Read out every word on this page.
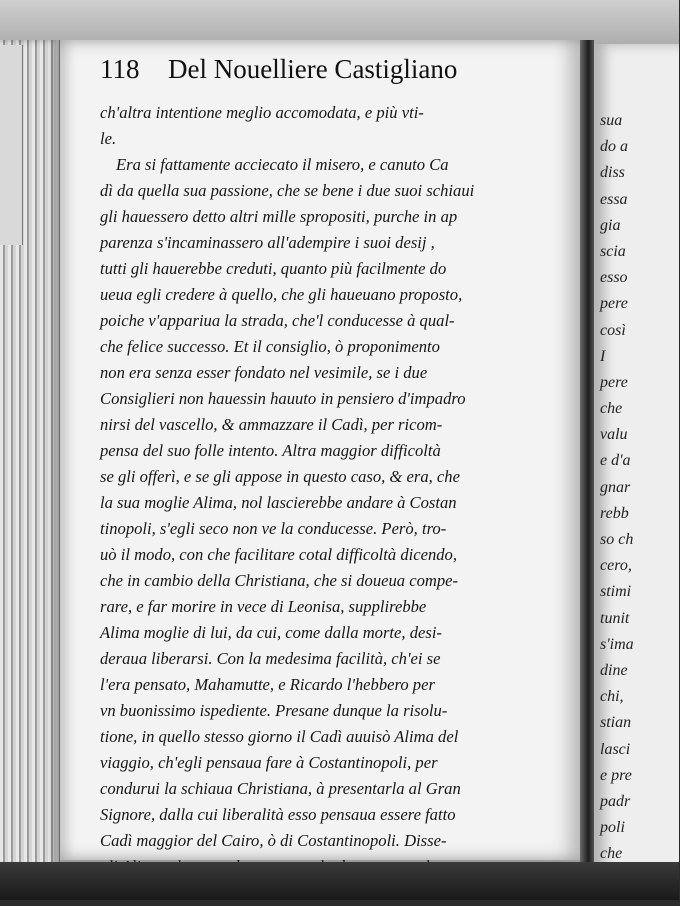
sua
do a
diss
essa
gia
scia
esso
pere
così
I
pere
che
valu
e d'a
gnar
rebb
so ch
cero,
stimi
tunit
s'ima
dine
chi,
stian
lasci
e pre
padr
poli
che
118 Del Nouelliere Castigliano
ch'altra intentione meglio accomodata, e più vti-
le.
Era si fattamente acciecato il misero, e canuto Ca
dì da quella sua passione, che se bene i due suoi schiaui
gli hauessero detto altri mille spropositi, purche in ap
parenza s'incaminassero all'adempire i suoi desij ,
tutti gli hauerebbe creduti, quanto più facilmente do
ueua egli credere à quello, che gli haueuano proposto,
poiche v'appariua la strada, che'l conducesse à qual-
che felice successo. Et il consiglio, ò proponimento
non era senza esser fondato nel vesimile, se i due
Consiglieri non hauessin hauuto in pensiero d'impadro
nirsi del vascello, & ammazzare il Cadì, per ricom-
pensa del suo folle intento. Altra maggior difficoltà
se gli offerì, e se gli appose in questo caso, & era, che
la sua moglie Alima, nol lascierebbe andare à Costan
tinopoli, s'egli seco non ve la conducesse. Però, tro-
uò il modo, con che facilitare cotal difficoltà dicendo,
che in cambio della Christiana, che si doueua compe-
rare, e far morire in vece di Leonisa, supplirebbe
Alima moglie di lui, da cui, come dalla morte, desi-
deraua liberarsi. Con la medesima facilità, ch'ei se
l'era pensato, Mahamutte, e Ricardo l'hebbero per
vn buonissimo ispediente. Presane dunque la risolu-
tione, in quello stesso giorno il Cadì auuisò Alima del
viaggio, ch'egli pensaua fare à Costantinopoli, per
condurui la schiaua Christiana, à presentarla al Gran
Signore, dalla cui liberalità esso pensaua essere fatto
Cadì maggior del Cairo, ò di Costantinopoli. Disse-
